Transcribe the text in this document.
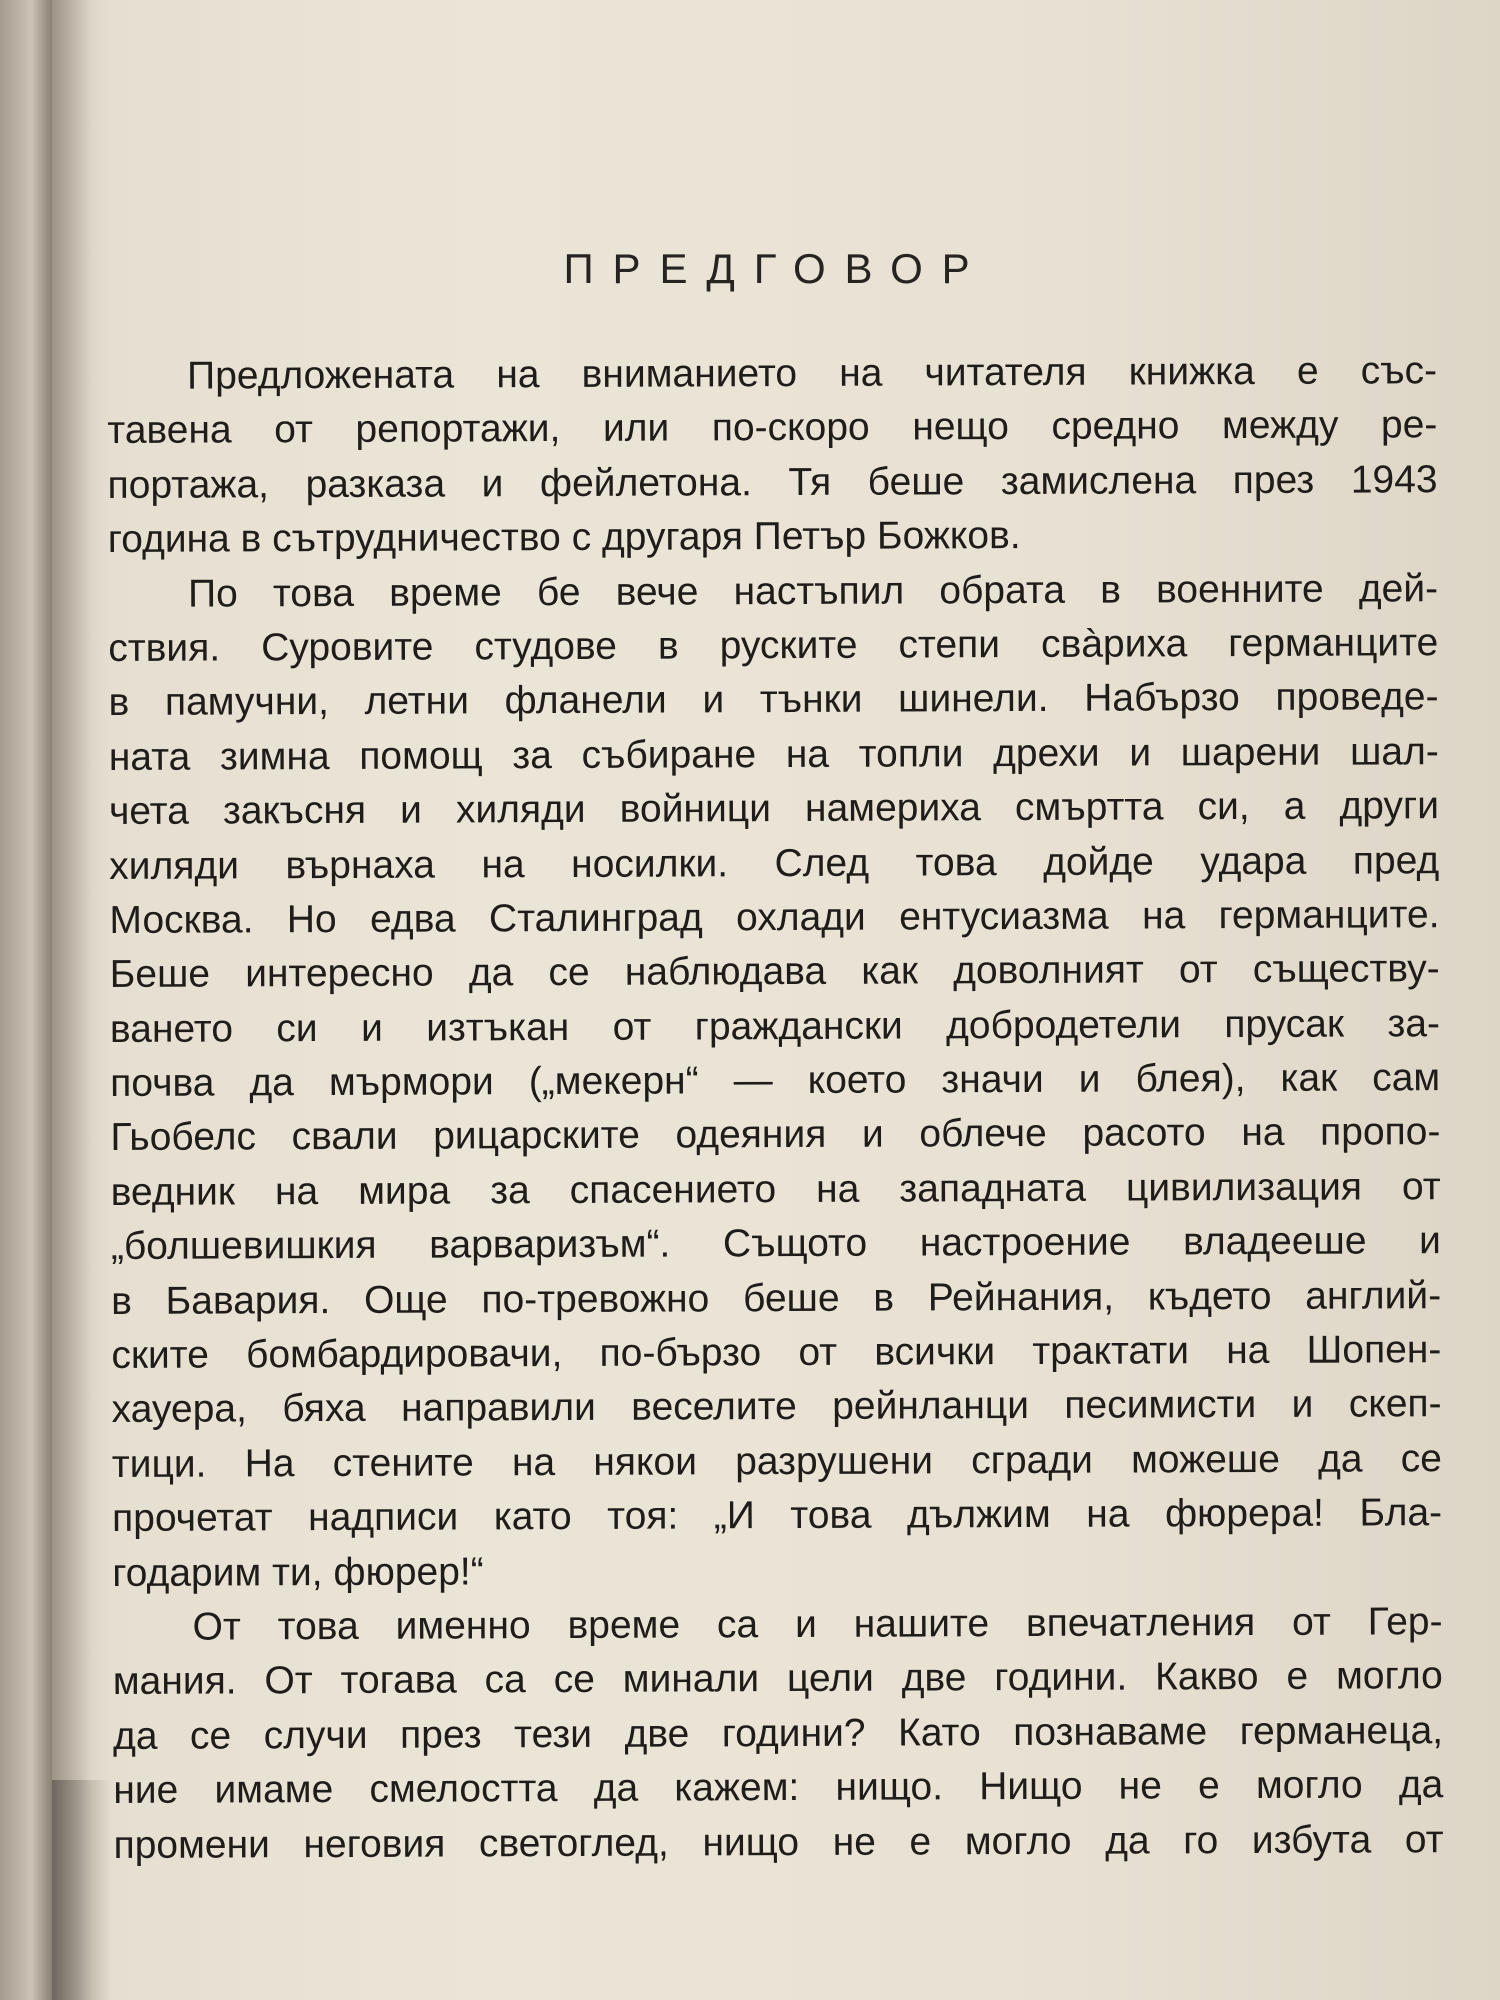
ПРЕДГОВОР
Предложената на вниманието на читателя книжка е със-
тавена от репортажи, или по-скоро нещо средно между ре-
портажа, разказа и фейлетона. Тя беше замислена през 1943
година в сътрудничество с другаря Петър Божков.
По това време бе вече настъпил обрата в военните дей-
ствия. Суровите студове в руските степи свàриха германците
в памучни, летни фланели и тънки шинели. Набързо проведе-
ната зимна помощ за събиране на топли дрехи и шарени шал-
чета закъсня и хиляди войници намериха смъртта си, а други
хиляди върнаха на носилки. След това дойде удара пред
Москва. Но едва Сталинград охлади ентусиазма на германците.
Беше интересно да се наблюдава как доволният от съществу-
ването си и изтъкан от граждански добродетели прусак за-
почва да мърмори („мекерн“ — което значи и блея), как сам
Гьобелс свали рицарските одеяния и облече расото на пропо-
ведник на мира за спасението на западната цивилизация от
„болшевишкия варваризъм“. Същото настроение владееше и
в Бавария. Още по-тревожно беше в Рейнания, където англий-
ските бомбардировачи, по-бързо от всички трактати на Шопен-
хауера, бяха направили веселите рейнланци песимисти и скеп-
тици. На стените на някои разрушени сгради можеше да се
прочетат надписи като тоя: „И това дължим на фюрера! Бла-
годарим ти, фюрер!“
От това именно време са и нашите впечатления от Гер-
мания. От тогава са се минали цели две години. Какво е могло
да се случи през тези две години? Като познаваме германеца,
ние имаме смелостта да кажем: нищо. Нищо не е могло да
промени неговия светоглед, нищо не е могло да го избута от
